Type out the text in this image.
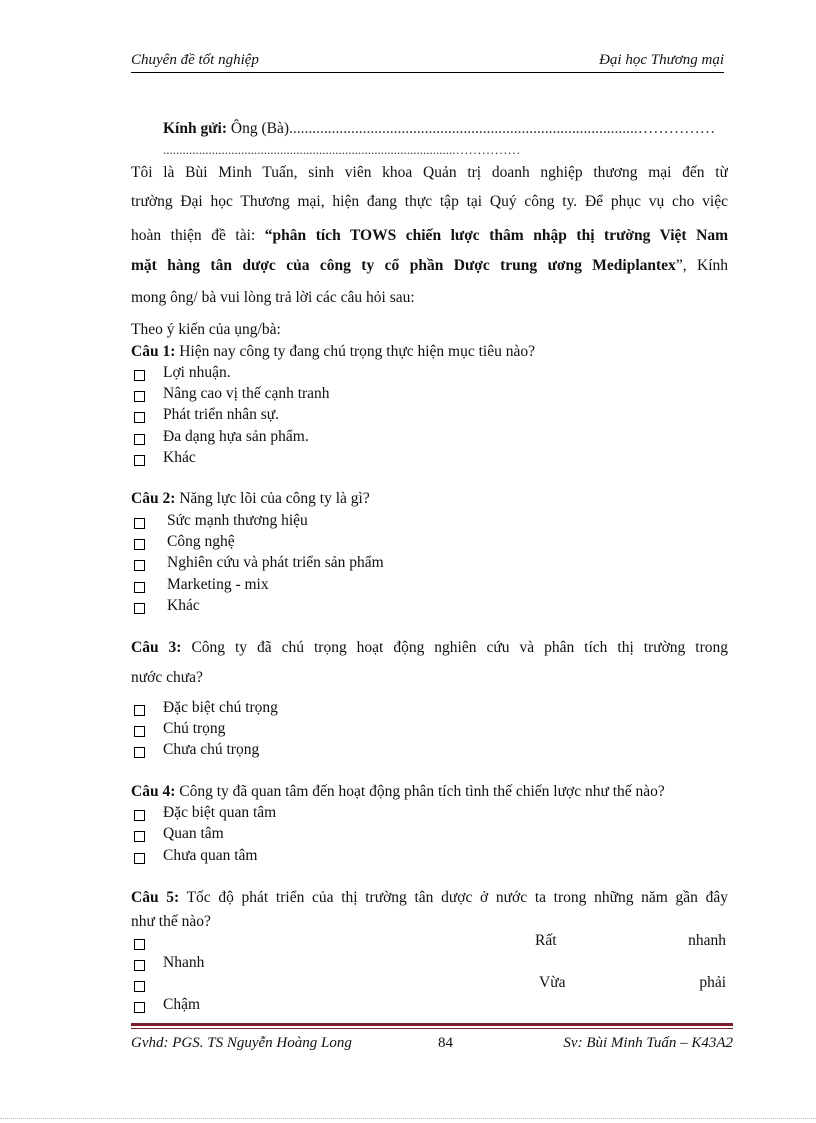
Chuyên đề tốt nghiệp	Đại học Thương mại
Kính gửi: Ông (Bà)..........................................................................................……………
..........................................................................................……………
Tôi là Bùi Minh Tuấn, sinh viên khoa Quản trị doanh nghiệp thương mại đến từ
trường Đại học Thương mại, hiện đang thực tập tại Quý công ty. Để phục vụ cho việc
hoàn thiện đề tài: “phân tích TOWS chiến lược thâm nhập thị trường Việt Nam
mặt hàng tân dược của công ty cổ phần Dược trung ương Mediplantex”, Kính
mong ông/ bà vui lòng trả lời các câu hỏi sau:
Theo ý kiến của ụng/bà:
Câu 1: Hiện nay công ty đang chú trọng thực hiện mục tiêu nào?
Lợi nhuận.
Nâng cao vị thế cạnh tranh
Phát triển nhân sự.
Đa dạng hựa sản phẩm.
Khác
Câu 2: Năng lực lõi của công ty là gì?
Sức mạnh thương hiệu
Công nghệ
Nghiên cứu và phát triển sản phẩm
Marketing - mix
Khác
Câu 3: Công ty đã chú trọng hoạt động nghiên cứu và phân tích thị trường trong
nước chưa?
Đặc biệt chú trọng
Chú trọng
Chưa chú trọng
Câu 4: Công ty đã quan tâm đến hoạt động phân tích tình thế chiến lược như thế nào?
Đặc biệt quan tâm
Quan tâm
Chưa quan tâm
Câu 5: Tốc độ phát triển của thị trường tân dược ở nước ta trong những năm gần đây
như thế nào?
Rất	nhanh
Nhanh
Vừa	phải
Chậm
Gvhd: PGS. TS Nguyễn Hoàng Long	84	Sv: Bùi Minh Tuấn – K43A2
